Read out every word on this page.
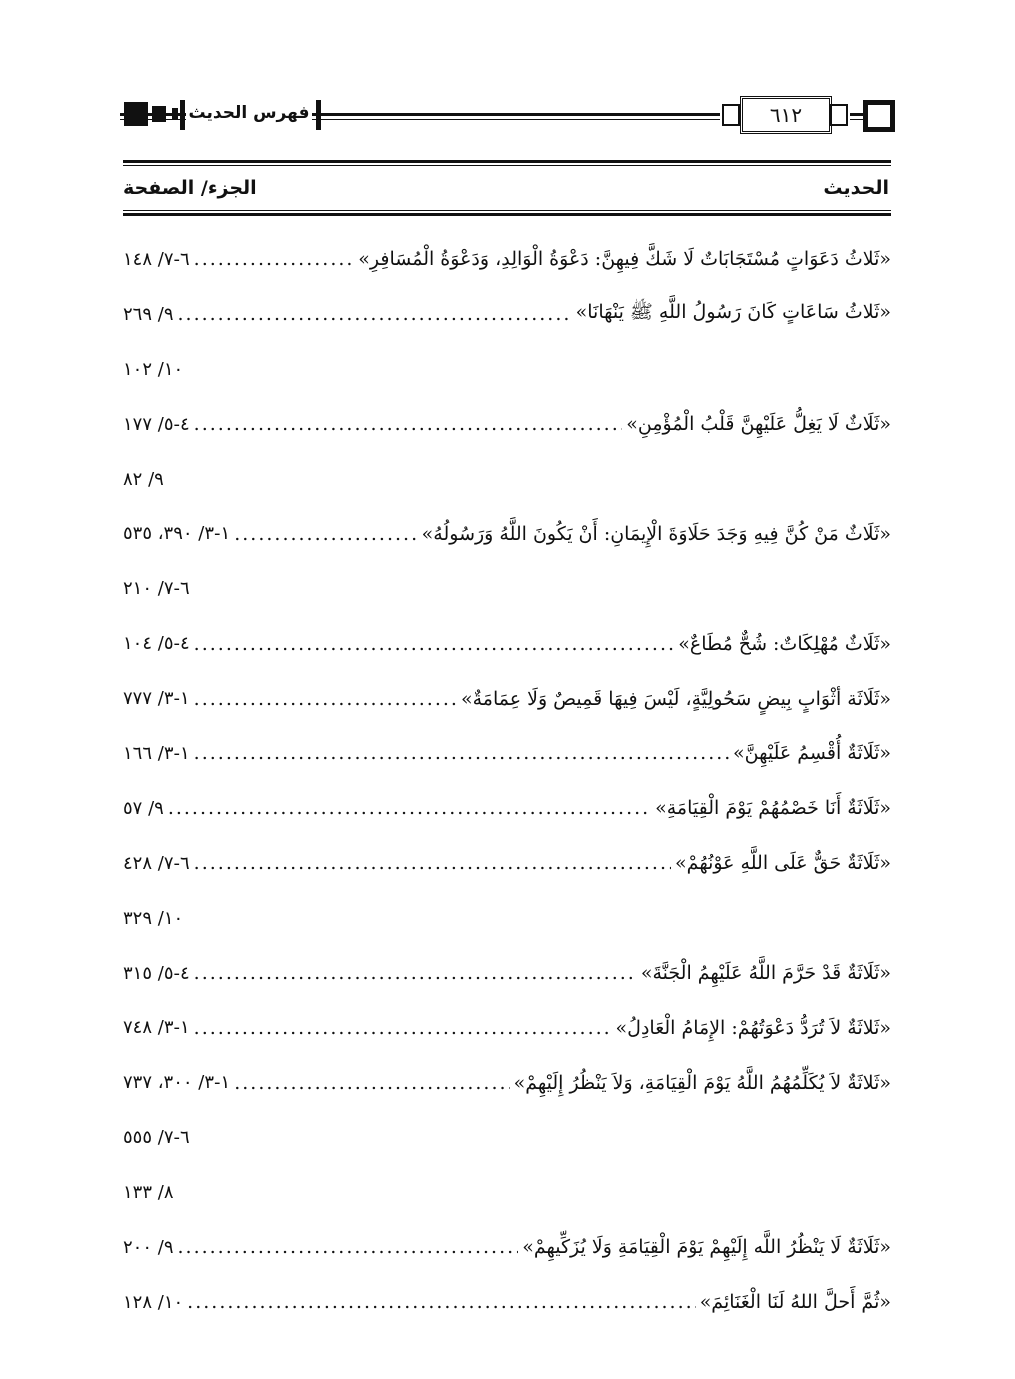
فهرس الحديث	٦١٢
الحديث
الجزء/ الصفحة
«ثَلاثُ دَعَوَاتٍ مُسْتَجَابَاتٌ لَا شَكَّ فِيهِنَّ: دَعْوَةُ الْوَالِدِ، وَدَعْوَةُ الْمُسَافِرِ»
.....
٦-٧/ ١٤٨
«ثَلاثُ سَاعَاتٍ كَانَ رَسُولُ اللَّهِ ﷺ يَنْهَانَا»
.....
٩/ ٢٦٩
١٠/ ١٠٢
«ثَلَاثٌ لَا يَغِلُّ عَلَيْهِنَّ قَلْبُ الْمُؤْمِنِ»
.....
٤-٥/ ١٧٧
٩/ ٨٢
«ثَلَاثٌ مَنْ كُنَّ فِيهِ وَجَدَ حَلَاوَةَ الْإِيمَانِ: أَنْ يَكُونَ اللَّهُ وَرَسُولُهُ»
.....
١-٣/ ٣٩٠، ٥٣٥
٦-٧/ ٢١٠
«ثَلَاثٌ مُهْلِكَاتٌ: شُحٌّ مُطَاعٌ»
.....
٤-٥/ ١٠٤
«ثَلَاثَة أثْوَابٍ بِيضٍ سَحُولِيَّةٍ، لَيْسَ فِيهَا قَمِيصٌ وَلَا عِمَامَةٌ»
.....
١-٣/ ٧٧٧
«ثَلَاثَةٌ أُقْسِمُ عَلَيْهِنَّ»
.....
١-٣/ ١٦٦
«ثَلَاثَةٌ أَنَا خَصْمُهُمْ يَوْمَ الْقِيَامَةِ»
.....
٩/ ٥٧
«ثَلَاثَةٌ حَقٌّ عَلَى اللَّهِ عَوْنُهُمْ»
.....
٦-٧/ ٤٢٨
١٠/ ٣٢٩
«ثَلَاثَةٌ قَدْ حَرَّمَ اللَّهُ عَلَيْهِمُ الْجَنَّةَ»
.....
٤-٥/ ٣١٥
«ثَلاثَةٌ لاَ تُرَدُّ دَعْوَتُهُمْ: الإِمَامُ الْعَادِلُ»
.....
١-٣/ ٧٤٨
«ثَلاثَةٌ لاَ يُكَلِّمُهُمُ اللَّهُ يَوْمَ الْقِيَامَةِ، وَلاَ يَنْظُرُ إِلَيْهِمْ»
.....
١-٣/ ٣٠٠، ٧٣٧
٦-٧/ ٥٥٥
٨/ ١٣٣
«ثَلَاثَةٌ لَا يَنْظُرُ اللَّه إِلَيْهِمْ يَوْمَ الْقِيَامَةِ وَلَا يُزَكِّيهِمْ»
.....
٩/ ٢٠٠
«ثُمَّ أَحلَّ اللهُ لَنَا الْغَنَائِمَ»
.....
١٠/ ١٢٨
